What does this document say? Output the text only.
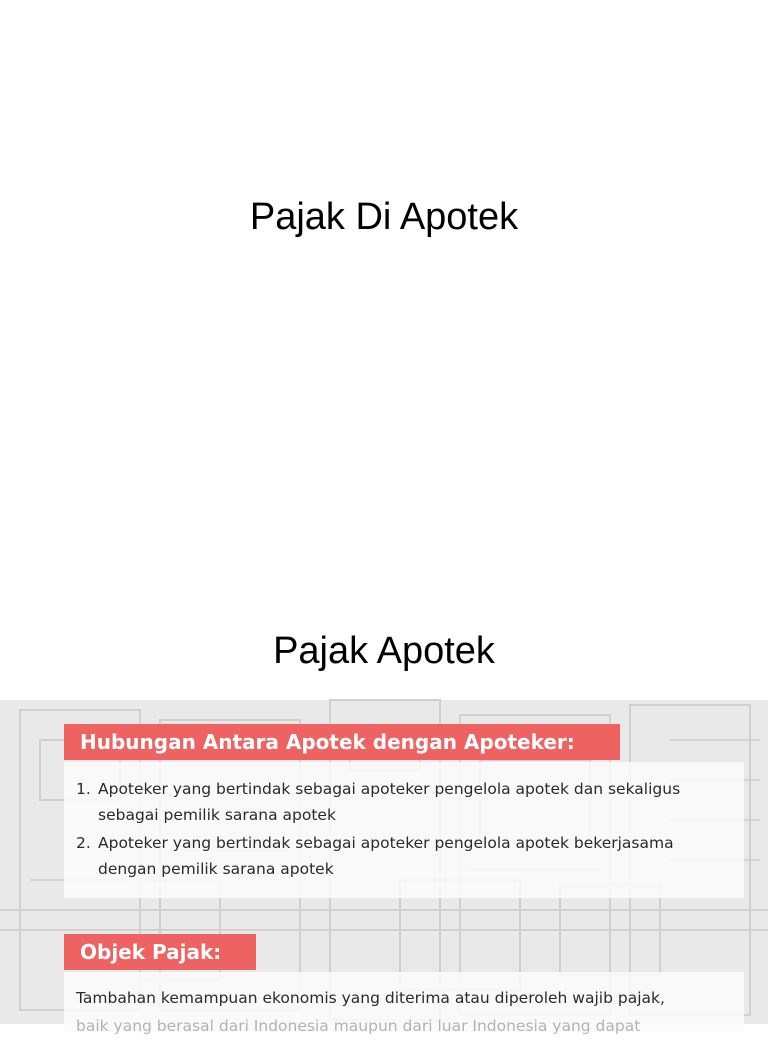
Pajak Di Apotek
Pajak Apotek
Hubungan Antara Apotek dengan Apoteker:
1. Apoteker yang bertindak sebagai apoteker pengelola apotek dan sekaligus sebagai pemilik sarana apotek
2. Apoteker yang bertindak sebagai apoteker pengelola apotek bekerjasama dengan pemilik sarana apotek
Objek Pajak:
Tambahan kemampuan ekonomis yang diterima atau diperoleh wajib pajak,
baik yang berasal dari Indonesia maupun dari luar Indonesia yang dapat
